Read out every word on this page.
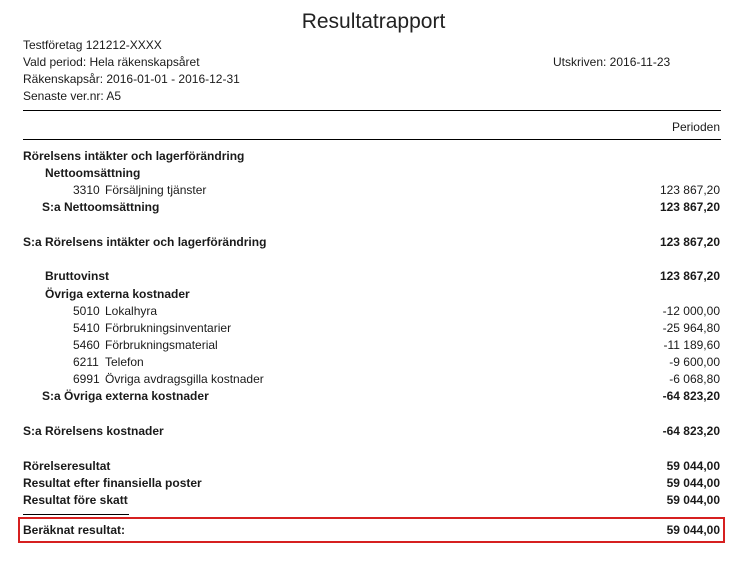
Resultatrapport
Testföretag 121212-XXXX
Vald period: Hela räkenskapsåret
Räkenskapsår: 2016-01-01 - 2016-12-31
Senaste ver.nr: A5
Utskriven: 2016-11-23
Perioden
Rörelsens intäkter och lagerförändring
Nettoomsättning
3310 Försäljning tjänster	123 867,20
S:a Nettoomsättning	123 867,20
S:a Rörelsens intäkter och lagerförändring	123 867,20
Bruttovinst	123 867,20
Övriga externa kostnader
5010 Lokalhyra	-12 000,00
5410 Förbrukningsinventarier	-25 964,80
5460 Förbrukningsmaterial	-11 189,60
6211 Telefon	-9 600,00
6991 Övriga avdragsgilla kostnader	-6 068,80
S:a Övriga externa kostnader	-64 823,20
S:a Rörelsens kostnader	-64 823,20
Rörelseresultat	59 044,00
Resultat efter finansiella poster	59 044,00
Resultat före skatt	59 044,00
Beräknat resultat:	59 044,00
